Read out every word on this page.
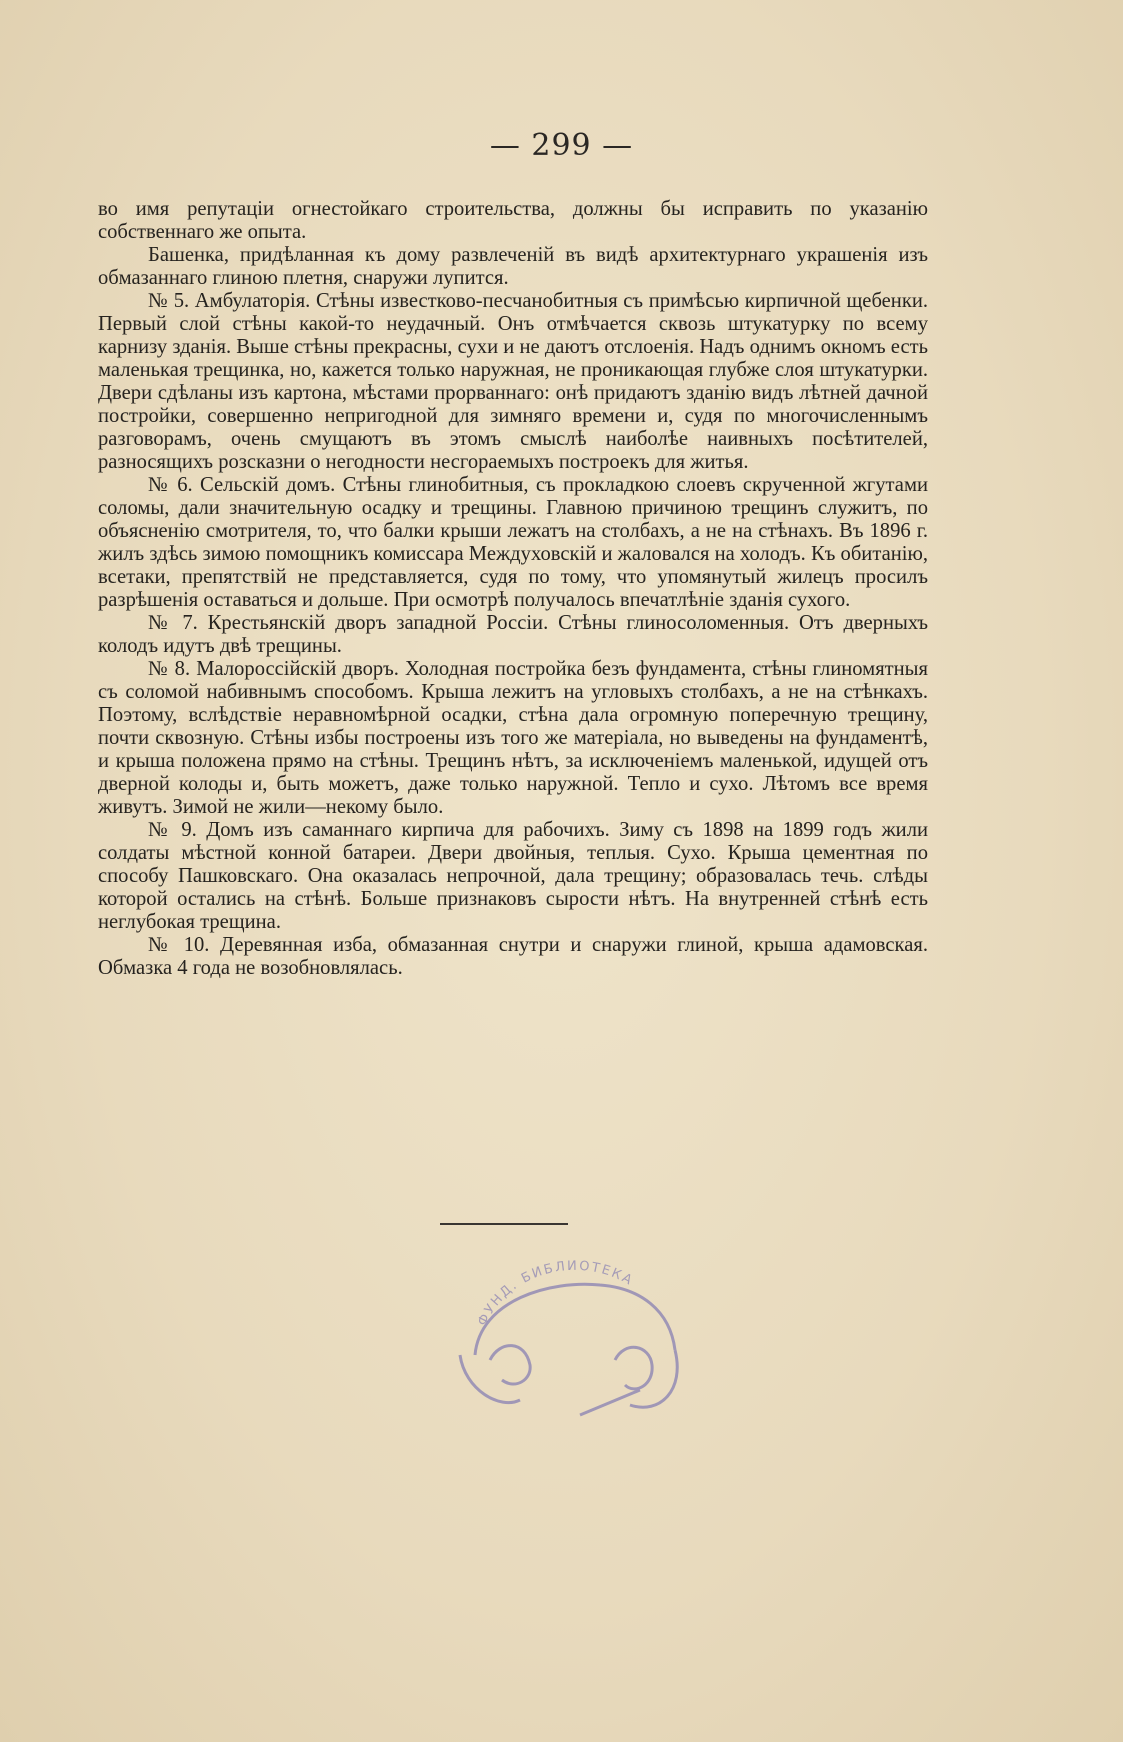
— 299 —

во имя репутацiи огнестойкаго строительства, должны бы исправить по указанiю собственнаго же опыта.

Башенка, придѣланная къ дому развлеченiй въ видѣ архитектурнаго украшенiя изъ обмазаннаго глиною плетня, снаружи лупится.

№ 5. Амбулаторiя. Стѣны известково-песчанобитныя съ примѣсью кирпичной щебенки. Первый слой стѣны какой-то неудачный. Онъ отмѣчается сквозь штукатурку по всему карнизу зданiя. Выше стѣны прекрасны, сухи и не даютъ отслоенiя. Надъ однимъ окномъ есть маленькая трещинка, но, кажется только наружная, не проникающая глубже слоя штукатурки. Двери сдѣланы изъ картона, мѣстами прорваннаго: онѣ придаютъ зданiю видъ лѣтней дачной постройки, совершенно непригодной для зимняго времени и, судя по многочисленнымъ разговорамъ, очень смущаютъ въ этомъ смыслѣ наиболѣе наивныхъ посѣтителей, разносящихъ розсказни о негодности несгораемыхъ построекъ для житья.

№ 6. Сельскiй домъ. Стѣны глинобитныя, съ прокладкою слоевъ скрученной жгутами соломы, дали значительную осадку и трещины. Главною причиною трещинъ служитъ, по объясненiю смотрителя, то, что балки крыши лежатъ на столбахъ, а не на стѣнахъ. Въ 1896 г. жилъ здѣсь зимою помощникъ комиссара Междуховскiй и жаловался на холодъ. Къ обитанiю, всетаки, препятствiй не представляется, судя по тому, что упомянутый жилецъ просилъ разрѣшенiя оставаться и дольше. При осмотрѣ получалось впечатлѣнiе зданiя сухого.

№ 7. Крестьянскiй дворъ западной Россiи. Стѣны глиносоломенныя. Отъ дверныхъ колодъ идутъ двѣ трещины.

№ 8. Малороссiйскiй дворъ. Холодная постройка безъ фундамента, стѣны глиномятныя съ соломой набивнымъ способомъ. Крыша лежитъ на угловыхъ столбахъ, а не на стѣнкахъ. Поэтому, вслѣдствiе неравномѣрной осадки, стѣна дала огромную поперечную трещину, почти сквозную. Стѣны избы построены изъ того же матерiала, но выведены на фундаментѣ, и крыша положена прямо на стѣны. Трещинъ нѣтъ, за исключенiемъ маленькой, идущей отъ дверной колоды и, быть можетъ, даже только наружной. Тепло и сухо. Лѣтомъ все время живутъ. Зимой не жили—некому было.

№ 9. Домъ изъ саманнаго кирпича для рабочихъ. Зиму съ 1898 на 1899 годъ жили солдаты мѣстной конной батареи. Двери двойныя, теплыя. Сухо. Крыша цементная по способу Пашковскаго. Она оказалась непрочной, дала трещину; образовалась течь. слѣды которой остались на стѣнѣ. Больше признаковъ сырости нѣтъ. На внутренней стѣнѣ есть неглубокая трещина.

№ 10. Деревянная изба, обмазанная снутри и снаружи глиной, крыша адамовская. Обмазка 4 года не возобновлялась.

ФУНД. БИБЛИОТЕКА
